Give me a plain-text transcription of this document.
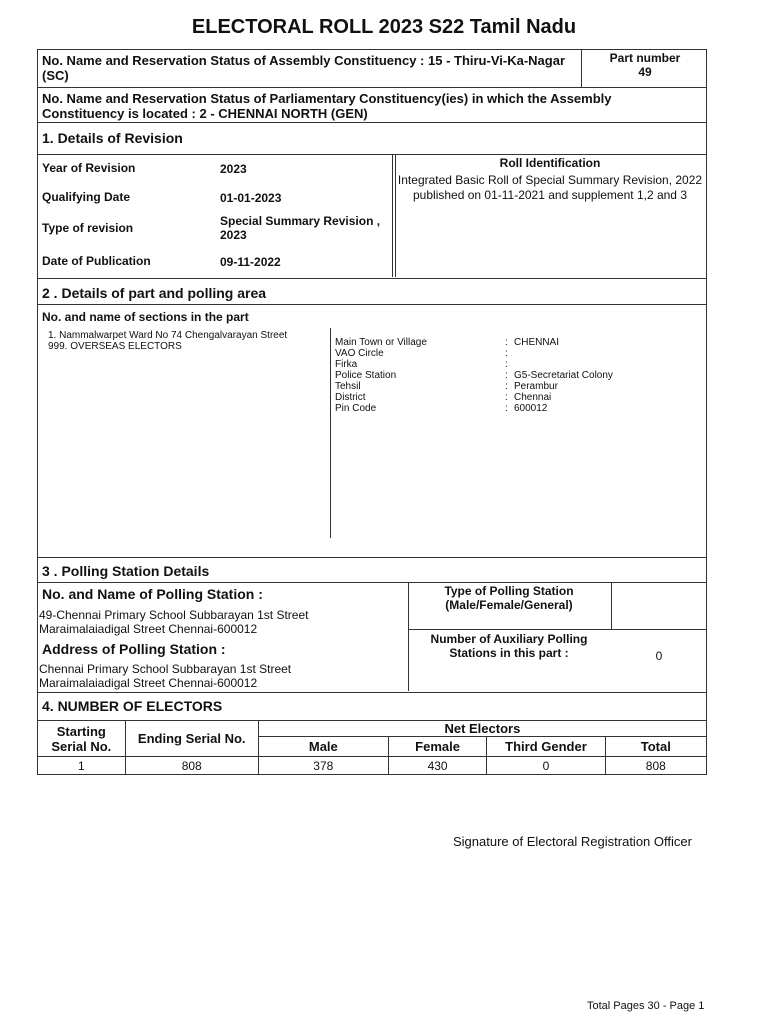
ELECTORAL ROLL 2023 S22 Tamil Nadu
No. Name and Reservation Status of Assembly Constituency : 15 - Thiru-Vi-Ka-Nagar (SC)
Part number
49
No. Name and Reservation Status of Parliamentary Constituency(ies) in which the Assembly Constituency is located : 2 - CHENNAI NORTH (GEN)
1. Details of Revision
Year of Revision	2023
Qualifying Date	01-01-2023
Type of revision	Special Summary Revision , 2023
Date of Publication	09-11-2022
Roll Identification
Integrated Basic Roll of Special Summary Revision, 2022 published on 01-11-2021 and supplement 1,2 and 3
2 . Details of part and polling area
No. and name of sections in the part
1. Nammalwarpet Ward No 74 Chengalvarayan Street
999. OVERSEAS ELECTORS	Main Town or Village	: CHENNAI
VAO Circle	:
Firka	:
Police Station	: G5-Secretariat Colony
Tehsil	: Perambur
District	: Chennai
Pin Code	: 600012
3 . Polling Station Details
No. and Name of Polling Station :
49-Chennai Primary School Subbarayan 1st Street
Maraimalaiadigal Street Chennai-600012
Address of Polling Station :
Chennai Primary School Subbarayan 1st Street
Maraimalaiadigal Street Chennai-600012
Type of Polling Station (Male/Female/General)
Number of Auxiliary Polling Stations in this part :	0
4. NUMBER OF ELECTORS
Starting Serial No.	Ending Serial No.	Net Electors			
		Male	Female	Third Gender	Total
1	808	378	430	0	808
Signature of Electoral Registration Officer
Total Pages 30 - Page 1
